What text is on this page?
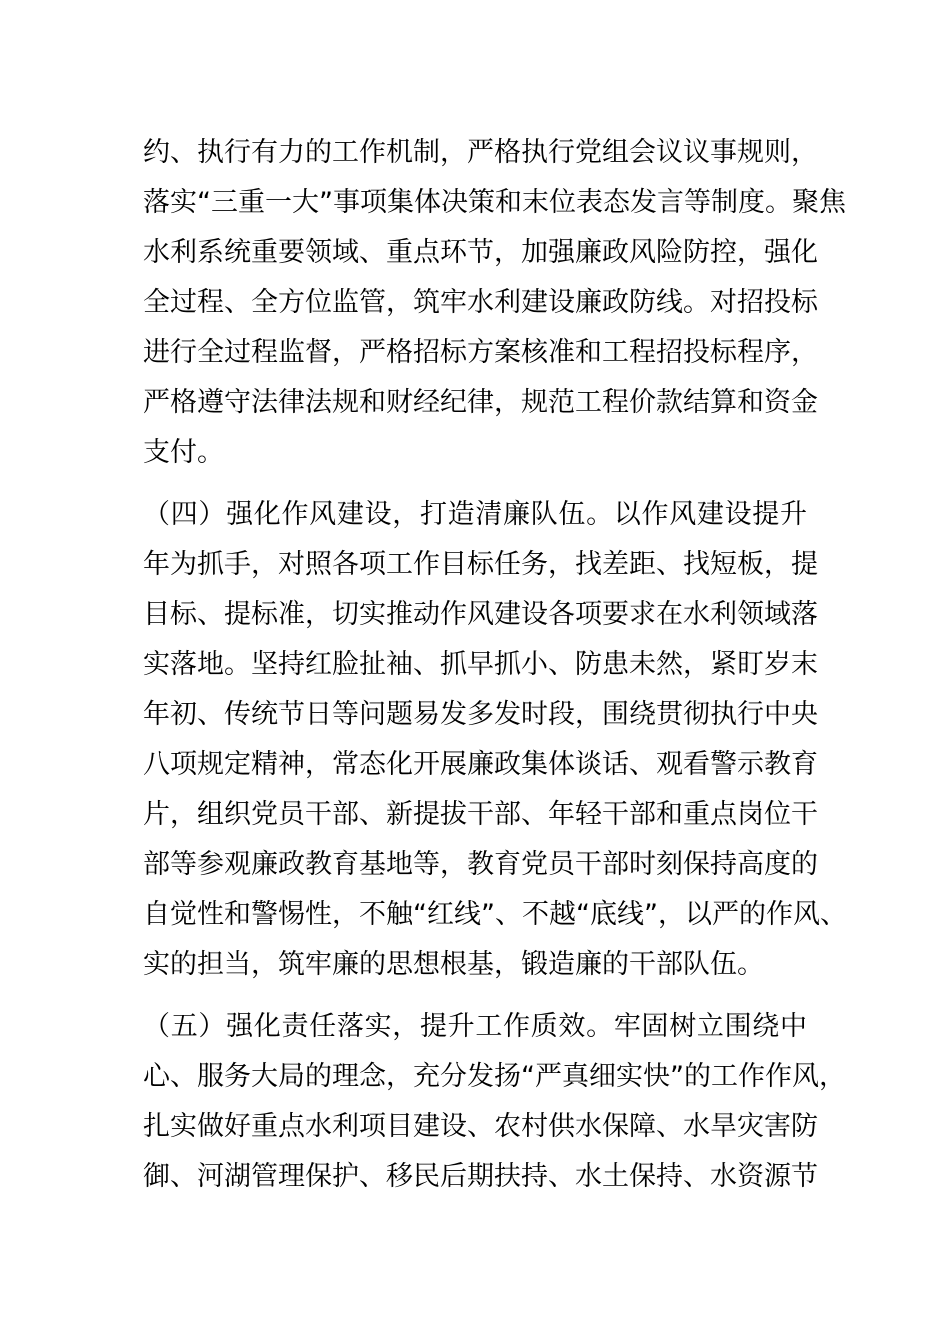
约、执行有力的工作机制，严格执行党组会议议事规则，
落实“三重一大”事项集体决策和末位表态发言等制度。聚焦
水利系统重要领域、重点环节，加强廉政风险防控，强化
全过程、全方位监管，筑牢水利建设廉政防线。对招投标
进行全过程监督，严格招标方案核准和工程招投标程序，
严格遵守法律法规和财经纪律，规范工程价款结算和资金
支付。
（四）强化作风建设，打造清廉队伍。以作风建设提升
年为抓手，对照各项工作目标任务，找差距、找短板，提
目标、提标准，切实推动作风建设各项要求在水利领域落
实落地。坚持红脸扯袖、抓早抓小、防患未然，紧盯岁末
年初、传统节日等问题易发多发时段，围绕贯彻执行中央
八项规定精神，常态化开展廉政集体谈话、观看警示教育
片，组织党员干部、新提拔干部、年轻干部和重点岗位干
部等参观廉政教育基地等，教育党员干部时刻保持高度的
自觉性和警惕性，不触“红线”、不越“底线”，以严的作风、
实的担当，筑牢廉的思想根基，锻造廉的干部队伍。
（五）强化责任落实，提升工作质效。牢固树立围绕中
心、服务大局的理念，充分发扬“严真细实快”的工作作风，
扎实做好重点水利项目建设、农村供水保障、水旱灾害防
御、河湖管理保护、移民后期扶持、水土保持、水资源节
